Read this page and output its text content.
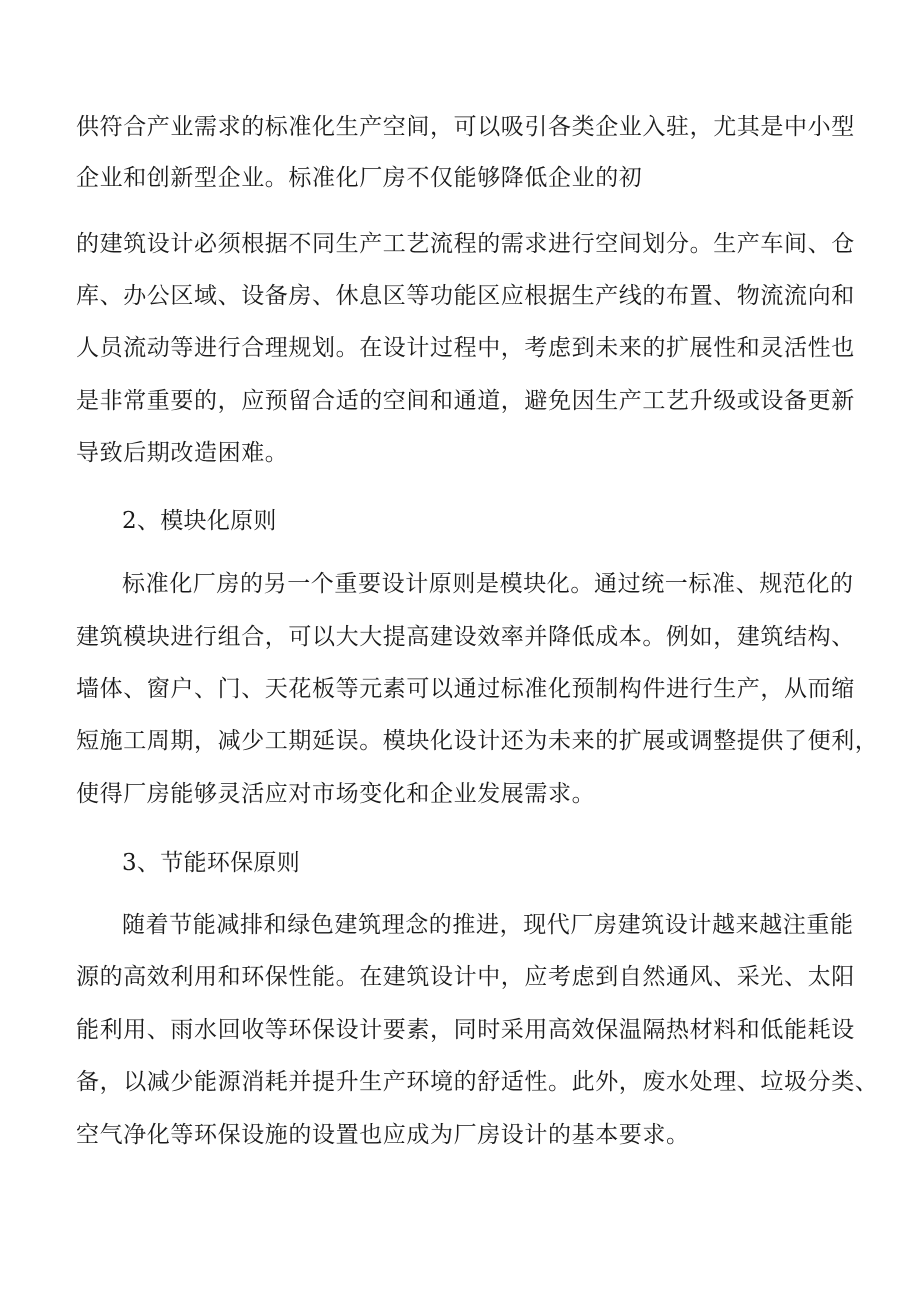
供符合产业需求的标准化生产空间，可以吸引各类企业入驻，尤其是中小型
企业和创新型企业。标准化厂房不仅能够降低企业的初
的建筑设计必须根据不同生产工艺流程的需求进行空间划分。生产车间、仓
库、办公区域、设备房、休息区等功能区应根据生产线的布置、物流流向和
人员流动等进行合理规划。在设计过程中，考虑到未来的扩展性和灵活性也
是非常重要的，应预留合适的空间和通道，避免因生产工艺升级或设备更新
导致后期改造困难。
2、模块化原则
标准化厂房的另一个重要设计原则是模块化。通过统一标准、规范化的
建筑模块进行组合，可以大大提高建设效率并降低成本。例如，建筑结构、
墙体、窗户、门、天花板等元素可以通过标准化预制构件进行生产，从而缩
短施工周期，减少工期延误。模块化设计还为未来的扩展或调整提供了便利，
使得厂房能够灵活应对市场变化和企业发展需求。
3、节能环保原则
随着节能减排和绿色建筑理念的推进，现代厂房建筑设计越来越注重能
源的高效利用和环保性能。在建筑设计中，应考虑到自然通风、采光、太阳
能利用、雨水回收等环保设计要素，同时采用高效保温隔热材料和低能耗设
备，以减少能源消耗并提升生产环境的舒适性。此外，废水处理、垃圾分类、
空气净化等环保设施的设置也应成为厂房设计的基本要求。
